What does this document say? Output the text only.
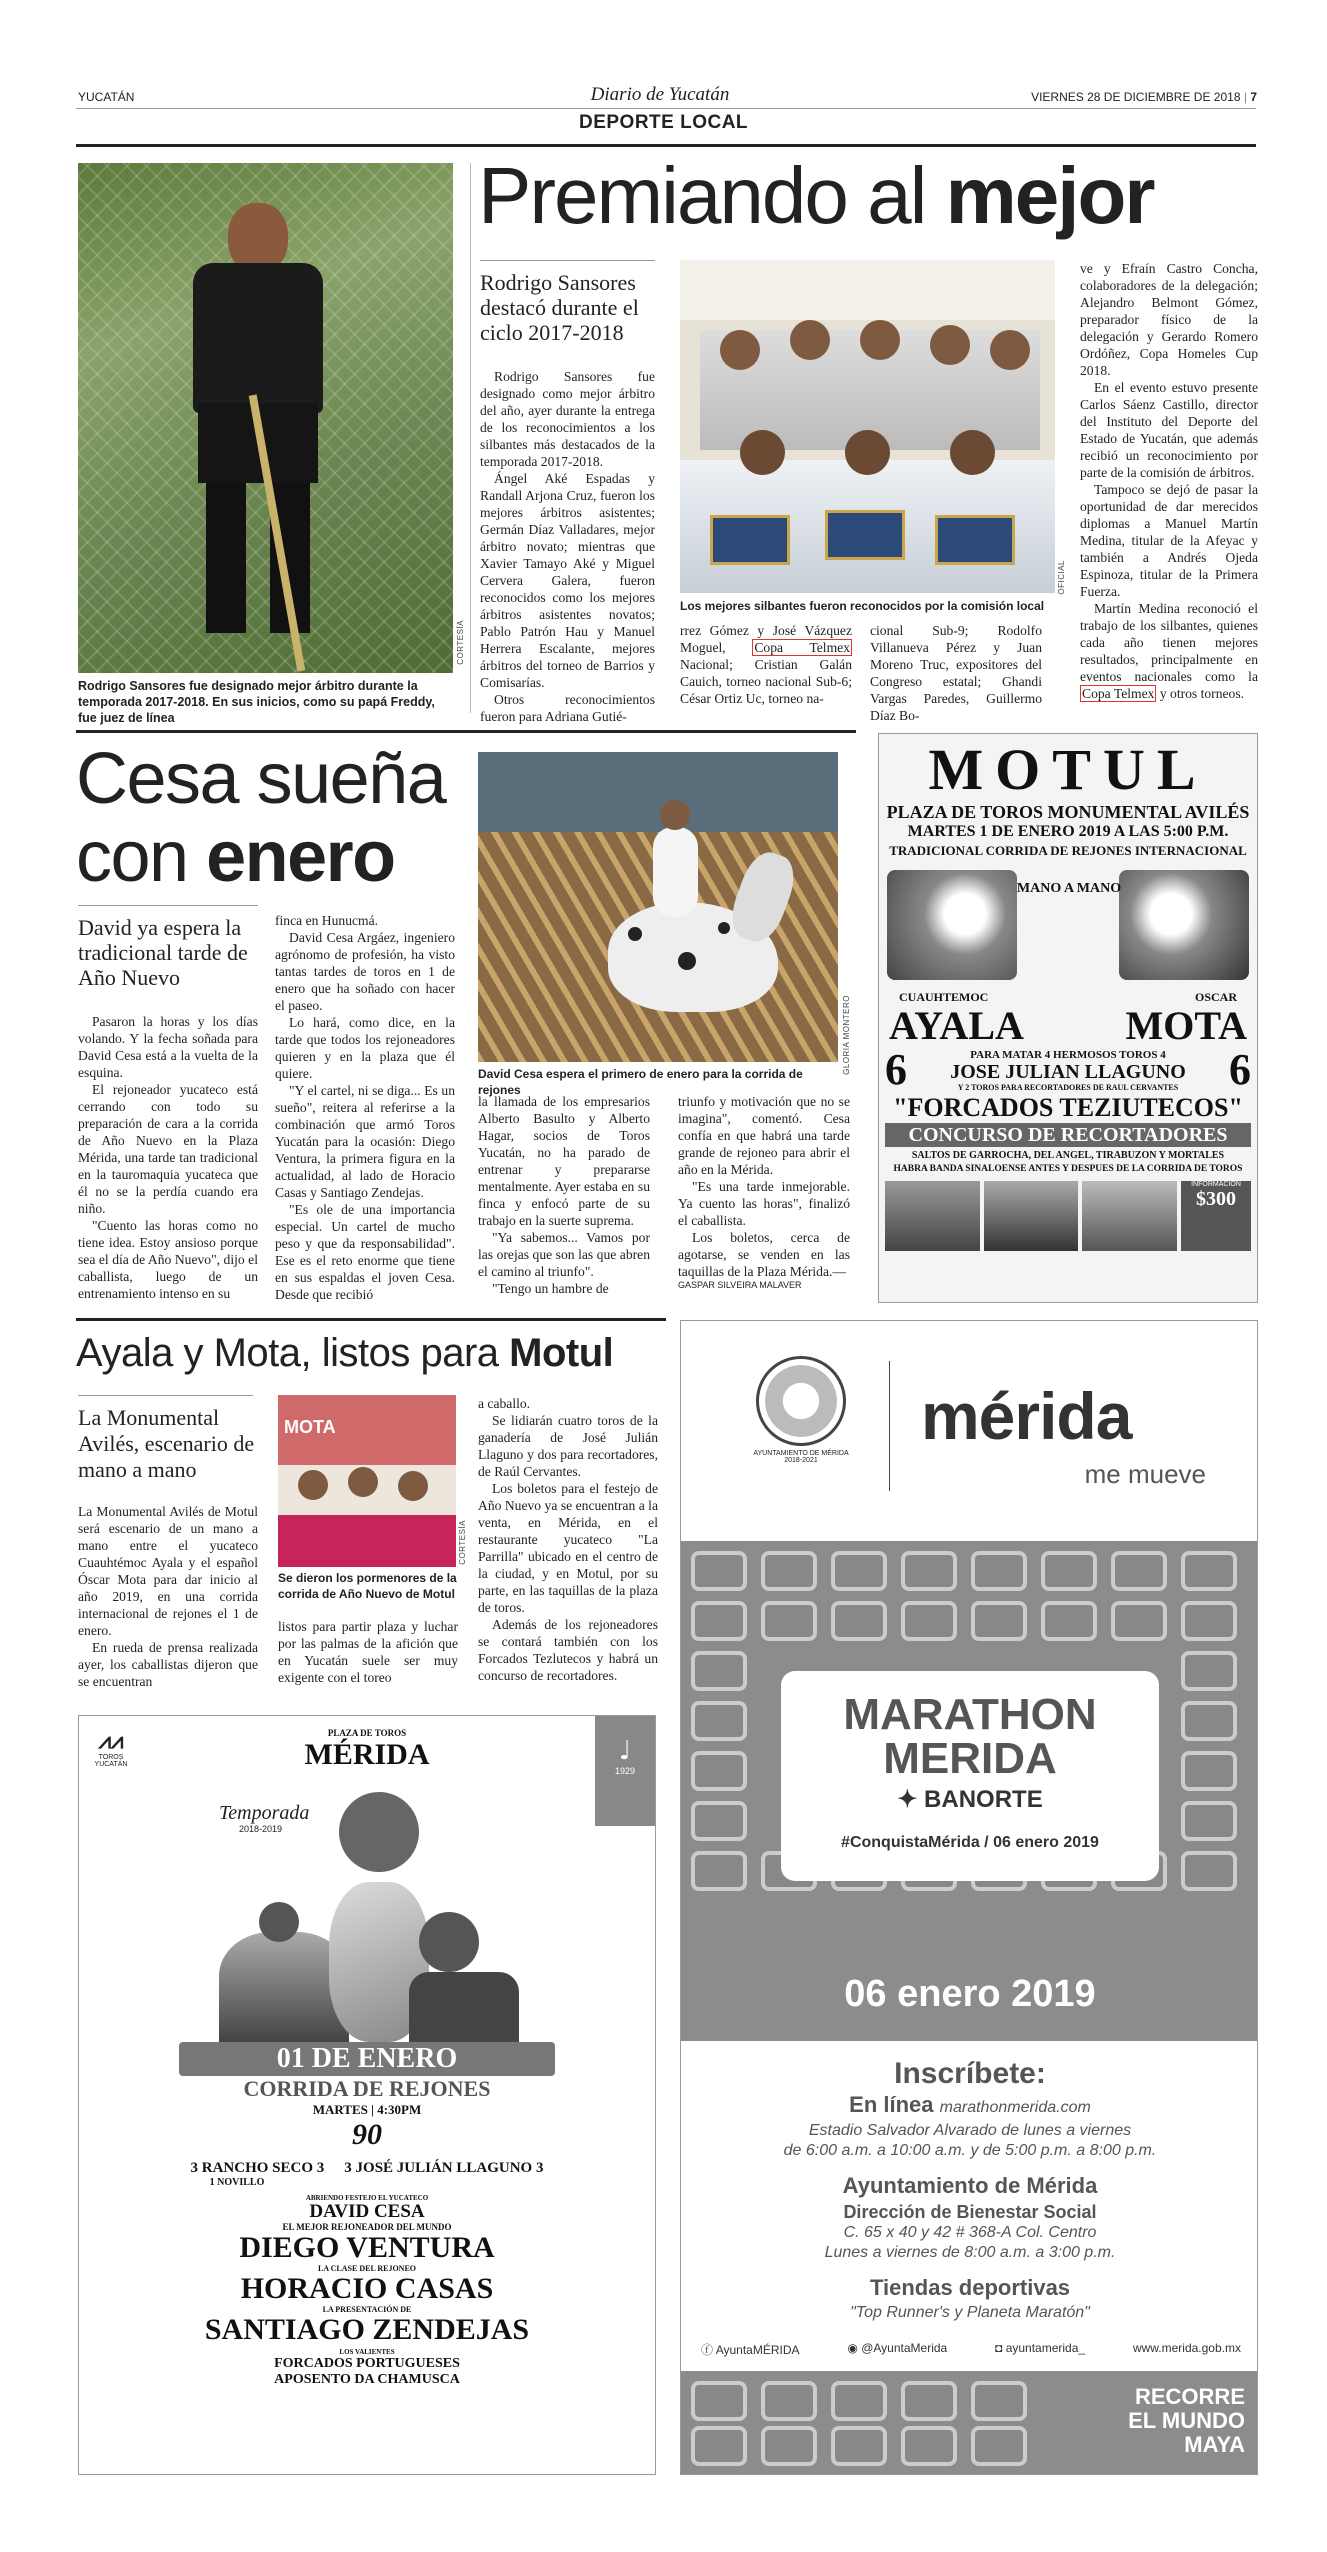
YUCATÁN	Diario de Yucatán	VIERNES 28 DE DICIEMBRE DE 2018 | 7
DEPORTE LOCAL
CORTESÍA
Rodrigo Sansores fue designado mejor árbitro durante la temporada 2017-2018. En sus inicios, como su papá Freddy, fue juez de línea
Premiando al mejor
Rodrigo Sansores destacó durante el ciclo 2017-2018

Rodrigo Sansores fue designado como mejor árbitro del año, ayer durante la entrega de los reconocimientos a los silbantes más destacados de la temporada 2017-2018.

Ángel Aké Espadas y Randall Arjona Cruz, fueron los mejores árbitros asistentes; Germán Díaz Valladares, mejor árbitro novato; mientras que Xavier Tamayo Aké y Miguel Cervera Galera, fueron reconocidos como los mejores árbitros asistentes novatos; Pablo Patrón Hau y Manuel Herrera Escalante, mejores árbitros del torneo de Barrios y Comisarías.

Otros reconocimientos fueron para Adriana Gutié-

OFICIAL
Los mejores silbantes fueron reconocidos por la comisión local
rrez Gómez y José Vázquez Moguel, Copa Telmex Nacional; Cristian Galán Cauich, torneo nacional Sub-6; César Ortiz Uc, torneo na-
cional Sub-9; Rodolfo Villanueva Pérez y Juan Moreno Truc, expositores del Congreso estatal; Ghandi Vargas Paredes, Guillermo Díaz Bo-
ve y Efraín Castro Concha, colaboradores de la delegación; Alejandro Belmont Gómez, preparador físico de la delegación y Gerardo Romero Ordóñez, Copa Homeles Cup 2018.

En el evento estuvo presente Carlos Sáenz Castillo, director del Instituto del Deporte del Estado de Yucatán, que además recibió un reconocimiento por parte de la comisión de árbitros.

Tampoco se dejó de pasar la oportunidad de dar merecidos diplomas a Manuel Martín Medina, titular de la Afeyac y también a Andrés Ojeda Espinoza, titular de la Primera Fuerza.

Martín Medina reconoció el trabajo de los silbantes, quienes cada año tienen mejores resultados, principalmente en eventos nacionales como la Copa Telmex y otros torneos.

Cesa sueña
con enero
David ya espera la tradicional tarde de Año Nuevo

Pasaron la horas y los días volando. Y la fecha soñada para David Cesa está a la vuelta de la esquina.

El rejoneador yucateco está cerrando con todo su preparación de cara a la corrida de Año Nuevo en la Plaza Mérida, una tarde tan tradicional en la tauromaquia yucateca que él no se la perdía cuando era niño.

"Cuento las horas como no tiene idea. Estoy ansioso porque sea el día de Año Nuevo", dijo el caballista, luego de un entrenamiento intenso en su

finca en Hunucmá.

David Cesa Argáez, ingeniero agrónomo de profesión, ha visto tantas tardes de toros en 1 de enero que ha soñado con hacer el paseo.

Lo hará, como dice, en la tarde que todos los rejoneadores quieren y en la plaza que él quiere.

"Y el cartel, ni se diga... Es un sueño", reitera al referirse a la combinación que armó Toros Yucatán para la ocasión: Diego Ventura, la primera figura en la actualidad, al lado de Horacio Casas y Santiago Zendejas.

"Es ole de una importancia especial. Un cartel de mucho peso y que da responsabilidad". Ese es el reto enorme que tiene en sus espaldas el joven Cesa. Desde que recibió

GLORIA MONTERO
David Cesa espera el primero de enero para la corrida de rejones
la llamada de los empresarios Alberto Basulto y Alberto Hagar, socios de Toros Yucatán, no ha parado de entrenar y prepararse mentalmente. Ayer estaba en su finca y enfocó parte de su trabajo en la suerte suprema.

"Ya sabemos... Vamos por las orejas que son las que abren el camino al triunfo".

"Tengo un hambre de

triunfo y motivación que no se imagina", comentó. Cesa confía en que habrá una tarde grande de rejoneo para abrir el año en la Mérida.

"Es una tarde inmejorable. Ya cuento las horas", finalizó el caballista.

Los boletos, cerca de agotarse, se venden en las taquillas de la Plaza Mérida.—

GASPAR SILVEIRA MALAVER
MOTUL
PLAZA DE TOROS MONUMENTAL AVILÉS
MARTES 1 DE ENERO 2019 A LAS 5:00 P.M.
TRADICIONAL CORRIDA DE REJONES INTERNACIONAL
MANO A MANO
CUAUHTEMOC	OSCAR
AYALA	MOTA
6	PARA MATAR 4 HERMOSOS TOROS 4
JOSE JULIAN LLAGUNO
Y 2 TOROS PARA RECORTADORES DE RAUL CERVANTES 6
"FORCADOS TEZIUTECOS"
CONCURSO DE RECORTADORES
SALTOS DE GARROCHA, DEL ANGEL, TIRABUZON Y MORTALES
HABRA BANDA SINALOENSE ANTES Y DESPUES DE LA CORRIDA DE TOROS
INFORMACIÓN
$300
Ayala y Mota, listos para Motul
La Monumental Avilés, escenario de mano a mano
La Monumental Avilés de Motul será escenario de un mano a mano entre el yucateco Cuauhtémoc Ayala y el español Óscar Mota para dar inicio al año 2019, en una corrida internacional de rejones el 1 de enero.

En rueda de prensa realizada ayer, los caballistas dijeron que se encuentran

MOTA
CORTESÍA
Se dieron los pormenores de la corrida de Año Nuevo de Motul
listos para partir plaza y luchar por las palmas de la afición que en Yucatán suele ser muy exigente con el toreo
a caballo.

Se lidiarán cuatro toros de la ganadería de José Julián Llaguno y dos para recortadores, de Raúl Cervantes.

Los boletos para el festejo de Año Nuevo ya se encuentran a la venta, en Mérida, en el restaurante yucateco "La Parrilla" ubicado en el centro de la ciudad, y en Motul, por su parte, en las taquillas de la plaza de toros.

Además de los rejoneadores se contará también con los Forcados Tezlutecos y habrá un concurso de recortadores.

⩘⩘
TOROS YUCATÁN	♩
1929
PLAZA DE TOROS
MÉRIDA
Temporada
2018-2019
01 DE ENERO
CORRIDA DE REJONES
MARTES | 4:30PM
90
3 RANCHO SECO 3 3 JOSÉ JULIÁN LLAGUNO 3
1 NOVILLO
ABRIENDO FESTEJO EL YUCATECO
DAVID CESA
EL MEJOR REJONEADOR DEL MUNDO
DIEGO VENTURA
LA CLASE DEL REJONEO
HORACIO CASAS
LA PRESENTACIÓN DE
SANTIAGO ZENDEJAS
LOS VALIENTES
FORCADOS PORTUGUESES
APOSENTO DA CHAMUSCA
AYUNTAMIENTO DE MÉRIDA
2018-2021
mérida
me mueve
MARATHON
MERIDA
✦ BANORTE
#ConquistaMérida / 06 enero 2019
06 enero 2019
Inscríbete:
En línea marathonmerida.com
Estadio Salvador Alvarado de lunes a viernes
de 6:00 a.m. a 10:00 a.m. y de 5:00 p.m. a 8:00 p.m.
Ayuntamiento de Mérida
Dirección de Bienestar Social
C. 65 x 40 y 42 # 368-A Col. Centro
Lunes a viernes de 8:00 a.m. a 3:00 p.m.
Tiendas deportivas
"Top Runner's y Planeta Maratón"
ⓕ AyuntaMÉRIDA	◉ @AyuntaMerida	◘ ayuntamerida_	www.merida.gob.mx
RECORRE
EL MUNDO
MAYA
